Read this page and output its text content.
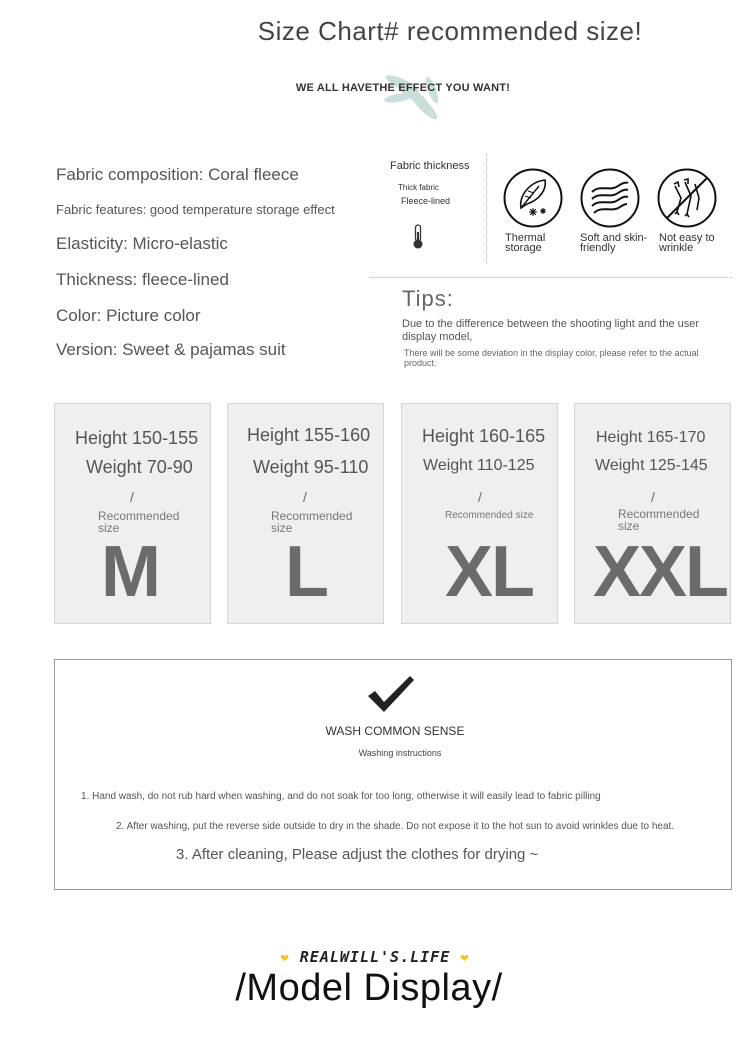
Size Chart# recommended size!
WE ALL HAVETHE EFFECT YOU WANT!
Fabric composition: Coral fleece
Fabric features: good temperature storage effect
Elasticity: Micro-elastic
Thickness: fleece-lined
Color: Picture color
Version: Sweet & pajamas suit
Fabric thickness
Thick fabric
Fleece-lined
Thermal storage
Soft and skin-friendly
Not easy to wrinkle
Tips:
Due to the difference between the shooting light and the user display model,
There will be some deviation in the display color, please refer to the actual product.
Height 150-155
Weight 70-90
/
Recommended size
M
Height 155-160
Weight 95-110
/
Recommended size
L
Height 160-165
Weight 110-125
/
Recommended size
XL
Height 165-170
Weight 125-145
/
Recommended size
XXL
WASH COMMON SENSE
Washing instructions
1. Hand wash, do not rub hard when washing, and do not soak for too long, otherwise it will easily lead to fabric pilling
2. After washing, put the reverse side outside to dry in the shade. Do not expose it to the hot sun to avoid wrinkles due to heat.
3. After cleaning, Please adjust the clothes for drying ~
❤ REALWILL'S.LIFE ❤
/Model Display/
